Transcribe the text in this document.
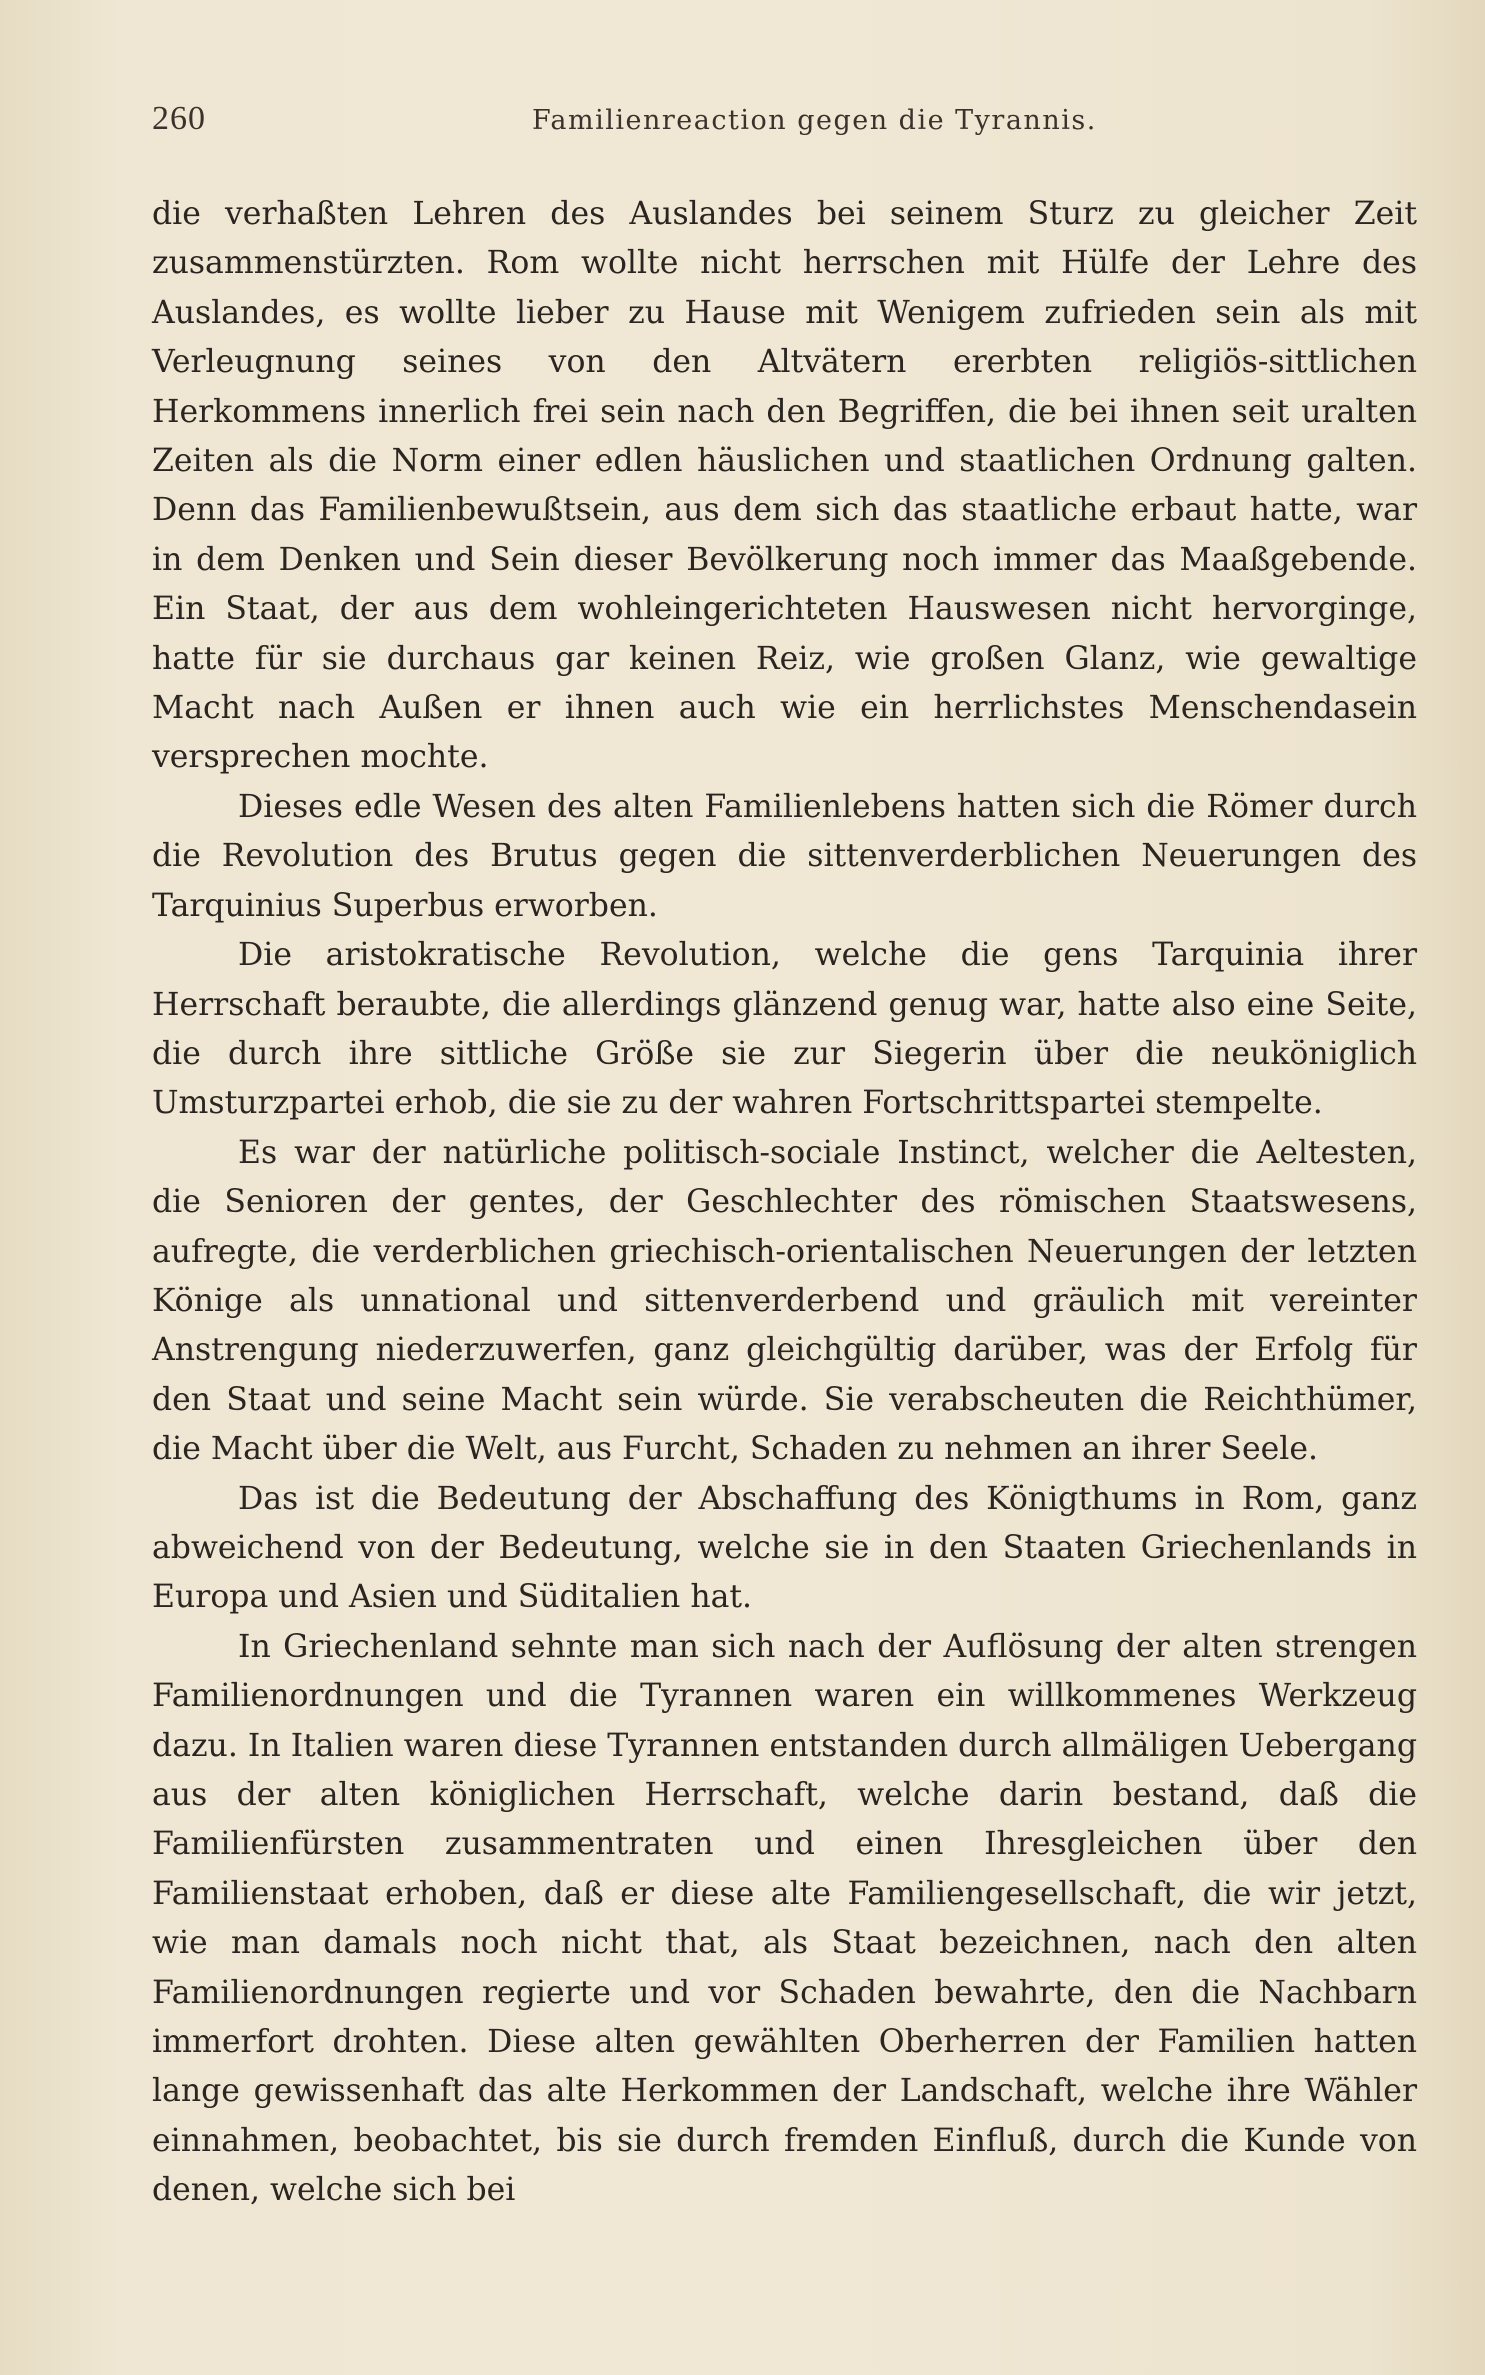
260	Familienreaction gegen die Tyrannis.

die verhaßten Lehren des Auslandes bei seinem Sturz zu gleicher Zeit zusammenstürzten. Rom wollte nicht herrschen mit Hülfe der Lehre des Auslandes, es wollte lieber zu Hause mit Wenigem zufrieden sein als mit Verleugnung seines von den Altvätern ererbten religiös-sittlichen Herkommens innerlich frei sein nach den Begriffen, die bei ihnen seit uralten Zeiten als die Norm einer edlen häuslichen und staatlichen Ordnung galten. Denn das Familienbewußtsein, aus dem sich das staatliche erbaut hatte, war in dem Denken und Sein dieser Bevölkerung noch immer das Maaßgebende. Ein Staat, der aus dem wohleingerichteten Hauswesen nicht hervorginge, hatte für sie durchaus gar keinen Reiz, wie großen Glanz, wie gewaltige Macht nach Außen er ihnen auch wie ein herrlichstes Menschendasein versprechen mochte.

Dieses edle Wesen des alten Familienlebens hatten sich die Römer durch die Revolution des Brutus gegen die sittenverderblichen Neuerungen des Tarquinius Superbus erworben.

Die aristokratische Revolution, welche die gens Tarquinia ihrer Herrschaft beraubte, die allerdings glänzend genug war, hatte also eine Seite, die durch ihre sittliche Größe sie zur Siegerin über die neuköniglich Umsturzpartei erhob, die sie zu der wahren Fortschrittspartei stempelte.

Es war der natürliche politisch-sociale Instinct, welcher die Aeltesten, die Senioren der gentes, der Geschlechter des römischen Staatswesens, aufregte, die verderblichen griechisch-orientalischen Neuerungen der letzten Könige als unnational und sittenverderbend und gräulich mit vereinter Anstrengung niederzuwerfen, ganz gleichgültig darüber, was der Erfolg für den Staat und seine Macht sein würde. Sie verabscheuten die Reichthümer, die Macht über die Welt, aus Furcht, Schaden zu nehmen an ihrer Seele.

Das ist die Bedeutung der Abschaffung des Königthums in Rom, ganz abweichend von der Bedeutung, welche sie in den Staaten Griechenlands in Europa und Asien und Süditalien hat.

In Griechenland sehnte man sich nach der Auflösung der alten strengen Familienordnungen und die Tyrannen waren ein willkommenes Werkzeug dazu. In Italien waren diese Tyrannen entstanden durch allmäligen Uebergang aus der alten königlichen Herrschaft, welche darin bestand, daß die Familienfürsten zusammentraten und einen Ihresgleichen über den Familienstaat erhoben, daß er diese alte Familiengesellschaft, die wir jetzt, wie man damals noch nicht that, als Staat bezeichnen, nach den alten Familienordnungen regierte und vor Schaden bewahrte, den die Nachbarn immerfort drohten. Diese alten gewählten Oberherren der Familien hatten lange gewissenhaft das alte Herkommen der Landschaft, welche ihre Wähler einnahmen, beobachtet, bis sie durch fremden Einfluß, durch die Kunde von denen, welche sich bei
